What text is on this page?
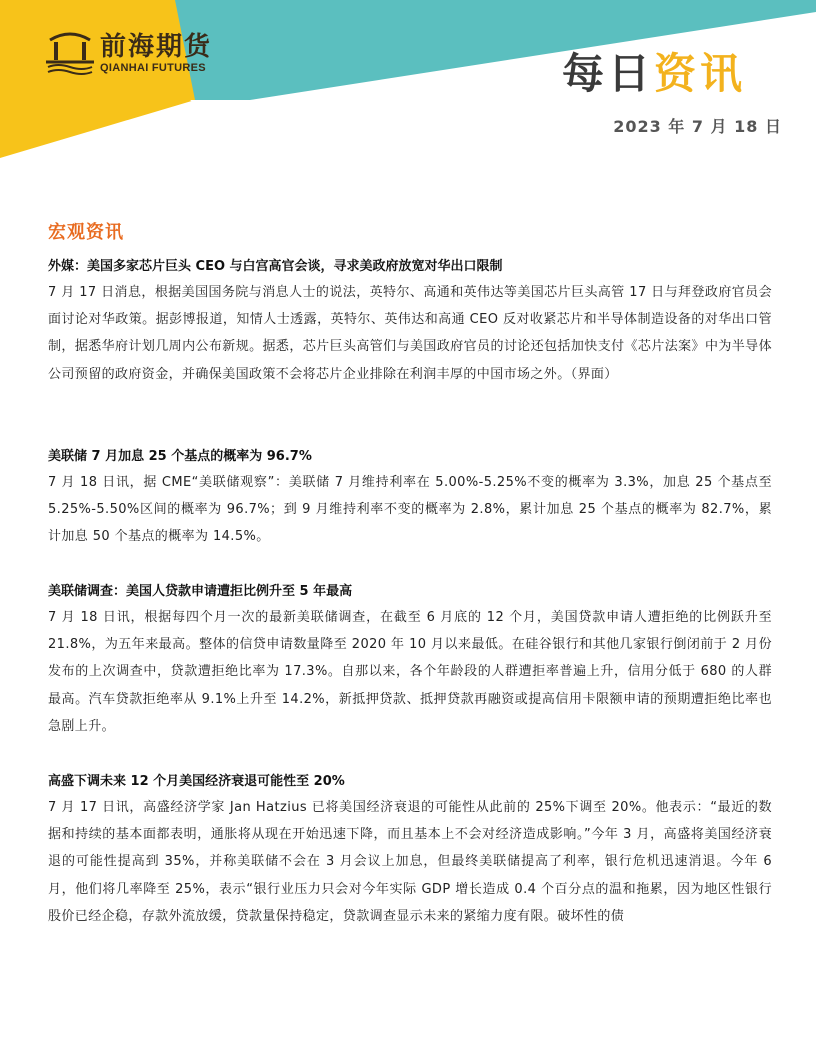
前海期货
QIANHAI FUTURES	每日资讯
2023 年 7 月 18 日
宏观资讯

外媒：美国多家芯片巨头 CEO 与白宫高官会谈，寻求美政府放宽对华出口限制

7 月 17 日消息，根据美国国务院与消息人士的说法，英特尔、高通和英伟达等美国芯片巨头高管 17 日与拜登政府官员会面讨论对华政策。据彭博报道，知情人士透露，英特尔、英伟达和高通 CEO 反对收紧芯片和半导体制造设备的对华出口管制，据悉华府计划几周内公布新规。据悉，芯片巨头高管们与美国政府官员的讨论还包括加快支付《芯片法案》中为半导体公司预留的政府资金，并确保美国政策不会将芯片企业排除在利润丰厚的中国市场之外。（界面）

美联储 7 月加息 25 个基点的概率为 96.7%

7 月 18 日讯，据 CME“美联储观察”：美联储 7 月维持利率在 5.00%-5.25%不变的概率为 3.3%，加息 25 个基点至 5.25%-5.50%区间的概率为 96.7%；到 9 月维持利率不变的概率为 2.8%，累计加息 25 个基点的概率为 82.7%，累计加息 50 个基点的概率为 14.5%。

美联储调查：美国人贷款申请遭拒比例升至 5 年最高

7 月 18 日讯，根据每四个月一次的最新美联储调查，在截至 6 月底的 12 个月，美国贷款申请人遭拒绝的比例跃升至 21.8%，为五年来最高。整体的信贷申请数量降至 2020 年 10 月以来最低。在硅谷银行和其他几家银行倒闭前于 2 月份发布的上次调查中，贷款遭拒绝比率为 17.3%。自那以来，各个年龄段的人群遭拒率普遍上升，信用分低于 680 的人群最高。汽车贷款拒绝率从 9.1%上升至 14.2%，新抵押贷款、抵押贷款再融资或提高信用卡限额申请的预期遭拒绝比率也急剧上升。

高盛下调未来 12 个月美国经济衰退可能性至 20%

7 月 17 日讯，高盛经济学家 Jan Hatzius 已将美国经济衰退的可能性从此前的 25%下调至 20%。他表示：“最近的数据和持续的基本面都表明，通胀将从现在开始迅速下降，而且基本上不会对经济造成影响。”今年 3 月，高盛将美国经济衰退的可能性提高到 35%，并称美联储不会在 3 月会议上加息，但最终美联储提高了利率，银行危机迅速消退。今年 6 月，他们将几率降至 25%，表示“银行业压力只会对今年实际 GDP 增长造成 0.4 个百分点的温和拖累，因为地区性银行股价已经企稳，存款外流放缓，贷款量保持稳定，贷款调查显示未来的紧缩力度有限。破坏性的债
